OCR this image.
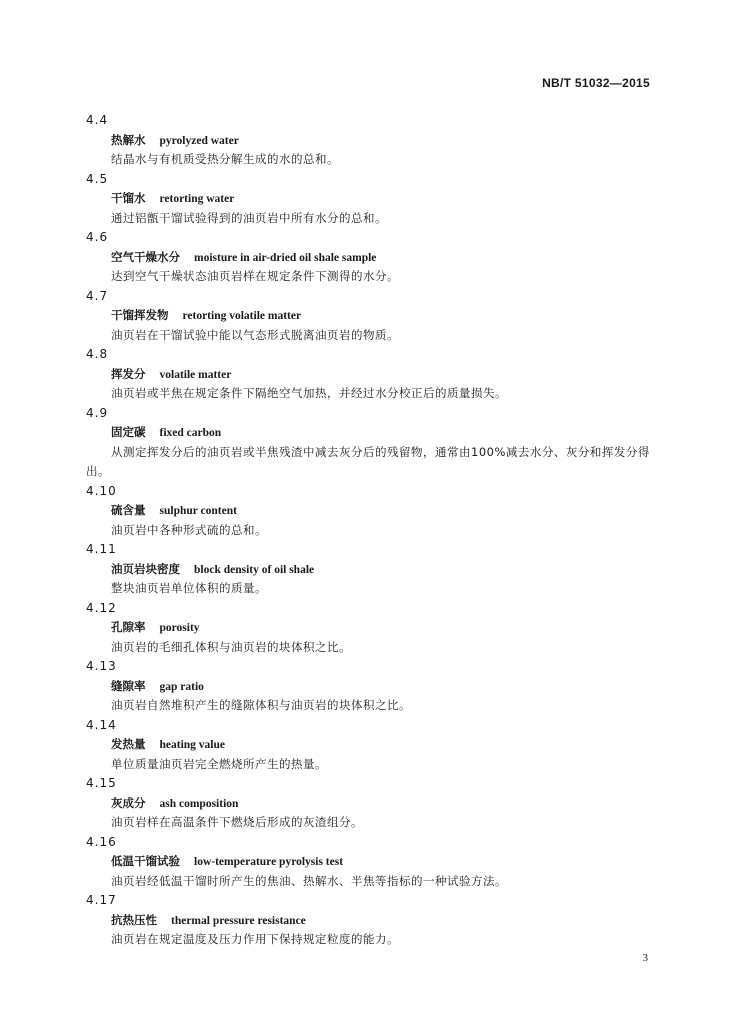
NB/T 51032—2015
4.4
热解水 pyrolyzed water
结晶水与有机质受热分解生成的水的总和。
4.5
干馏水 retorting water
通过铝甑干馏试验得到的油页岩中所有水分的总和。
4.6
空气干燥水分 moisture in air-dried oil shale sample
达到空气干燥状态油页岩样在规定条件下测得的水分。
4.7
干馏挥发物 retorting volatile matter
油页岩在干馏试验中能以气态形式脱离油页岩的物质。
4.8
挥发分 volatile matter
油页岩或半焦在规定条件下隔绝空气加热，并经过水分校正后的质量损失。
4.9
固定碳 fixed carbon
从测定挥发分后的油页岩或半焦残渣中减去灰分后的残留物，通常由100%减去水分、灰分和挥发分得出。
4.10
硫含量 sulphur content
油页岩中各种形式硫的总和。
4.11
油页岩块密度 block density of oil shale
整块油页岩单位体积的质量。
4.12
孔隙率 porosity
油页岩的毛细孔体积与油页岩的块体积之比。
4.13
缝隙率 gap ratio
油页岩自然堆积产生的缝隙体积与油页岩的块体积之比。
4.14
发热量 heating value
单位质量油页岩完全燃烧所产生的热量。
4.15
灰成分 ash composition
油页岩样在高温条件下燃烧后形成的灰渣组分。
4.16
低温干馏试验 low-temperature pyrolysis test
油页岩经低温干馏时所产生的焦油、热解水、半焦等指标的一种试验方法。
4.17
抗热压性 thermal pressure resistance
油页岩在规定温度及压力作用下保持规定粒度的能力。
3
